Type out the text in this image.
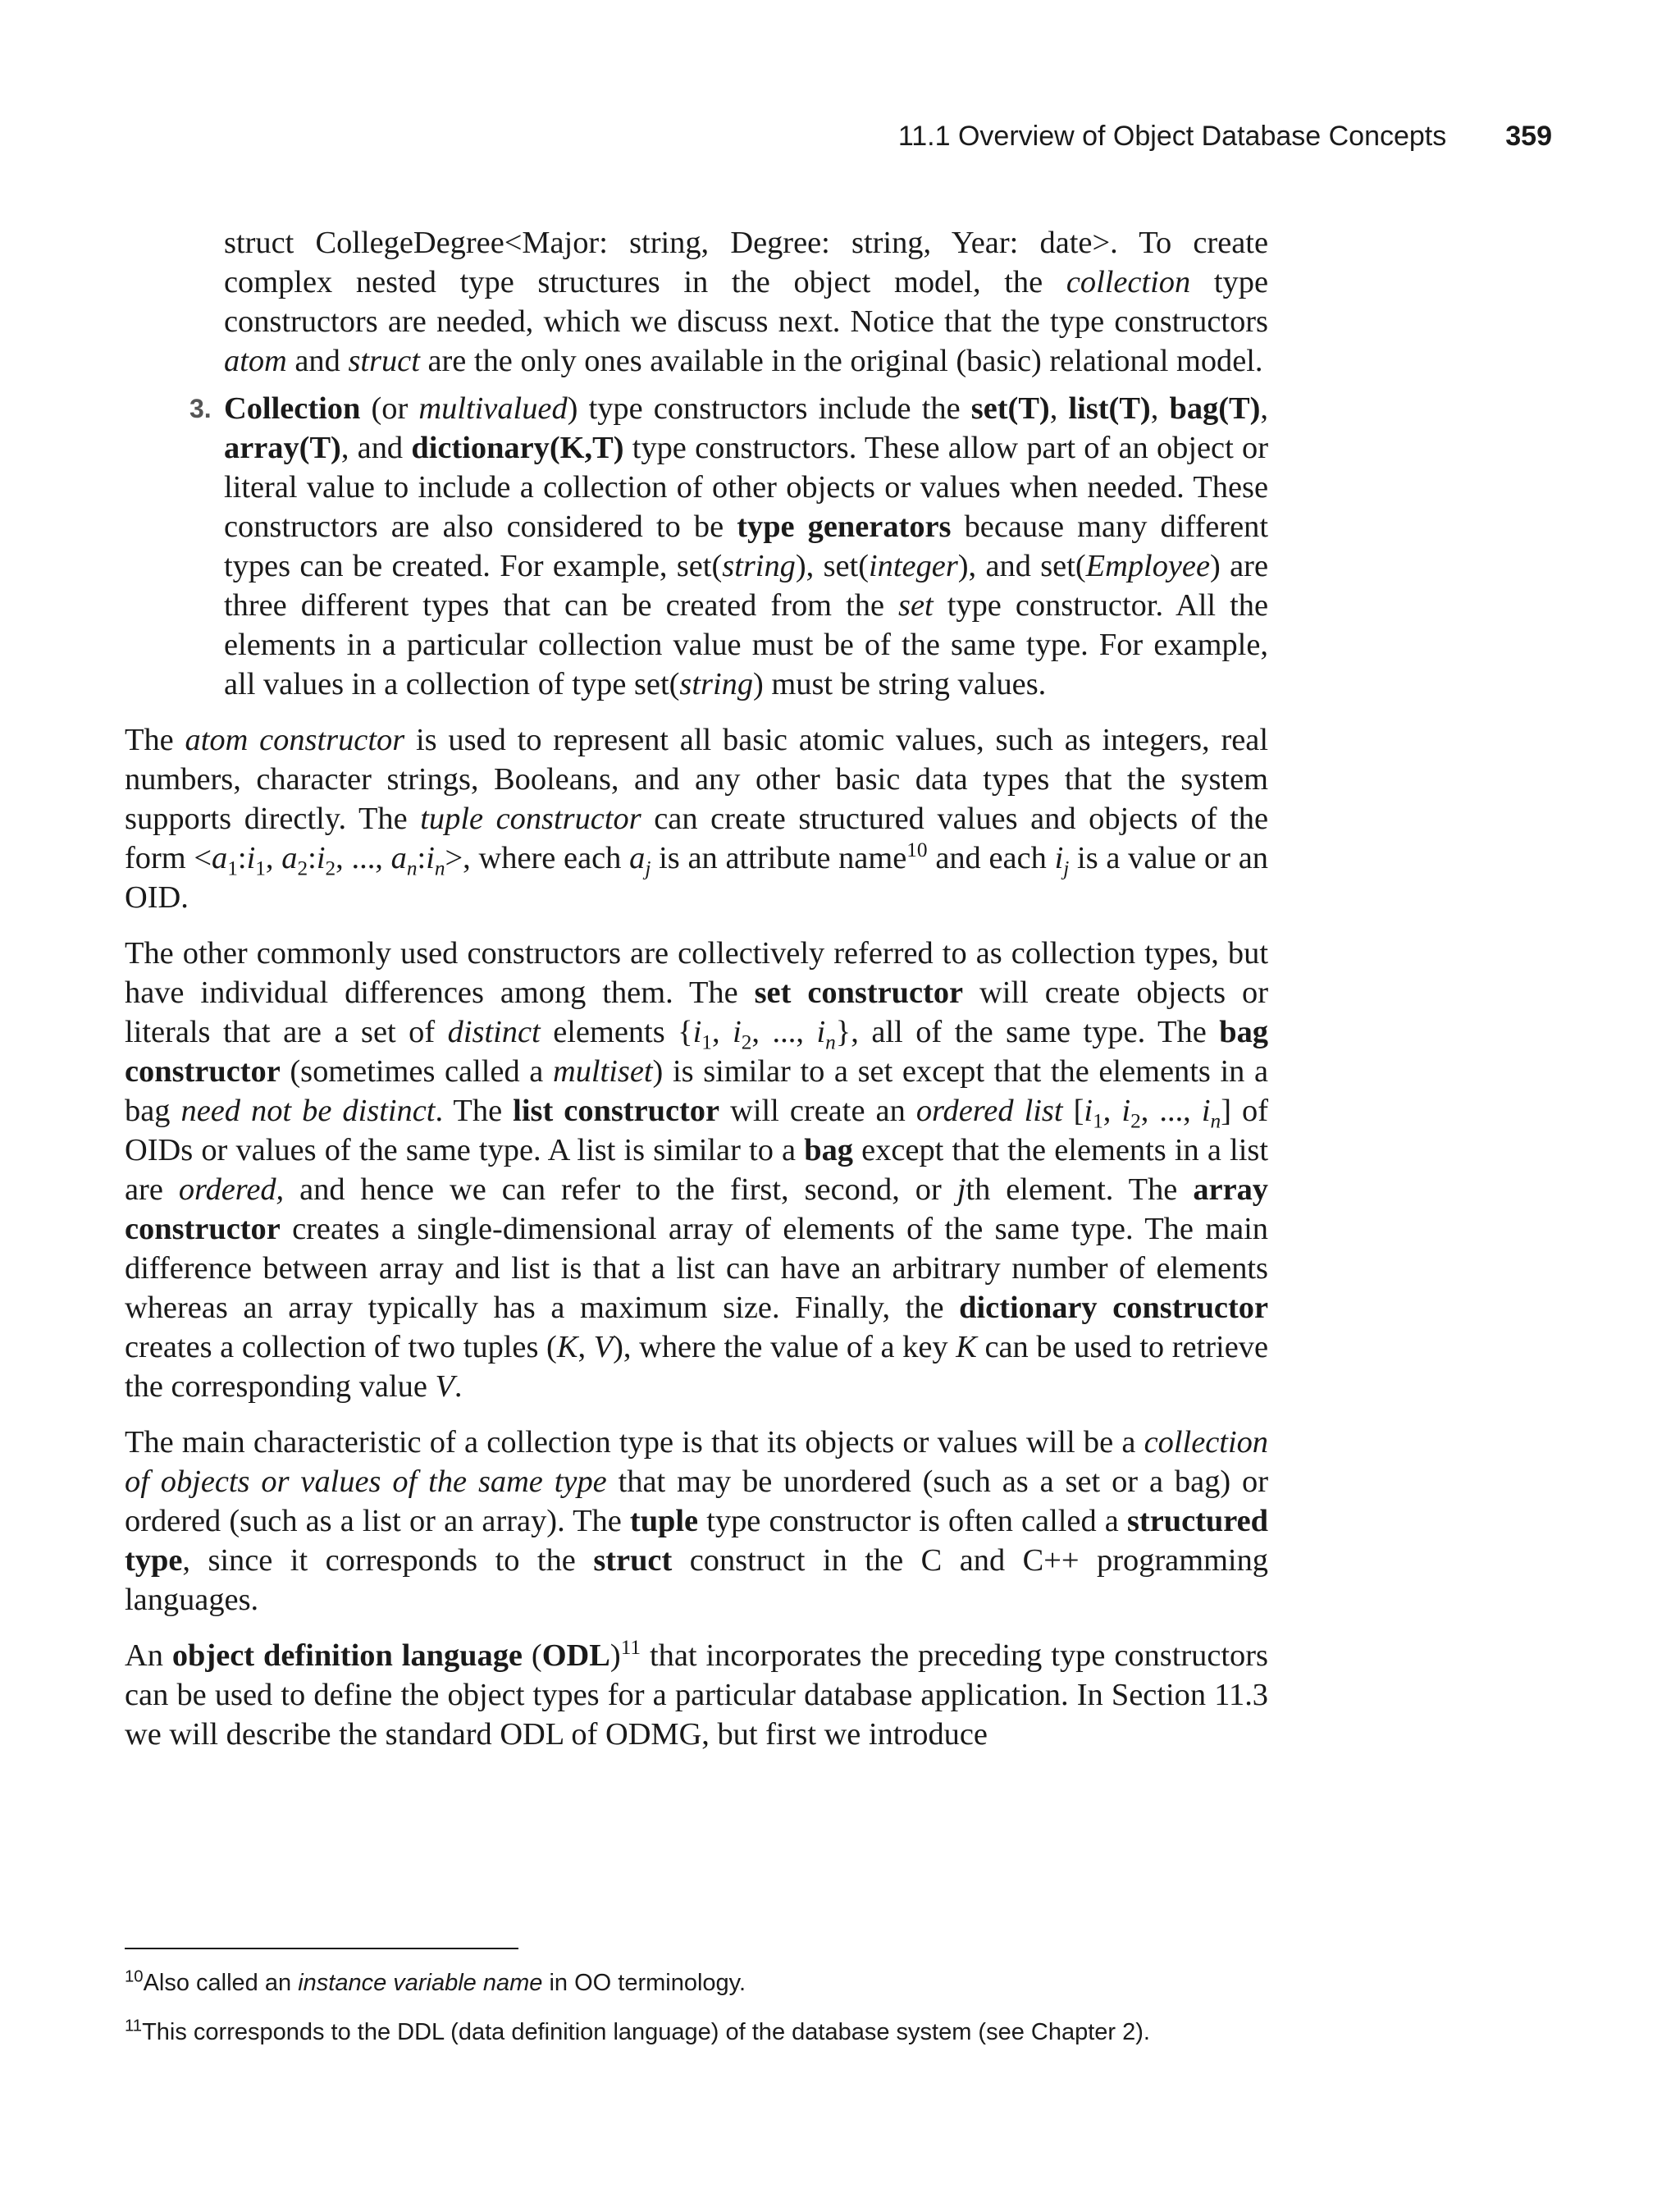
11.1 Overview of Object Database Concepts 359

struct CollegeDegree<Major: string, Degree: string, Year: date>. To create complex nested type structures in the object model, the collection type constructors are needed, which we discuss next. Notice that the type constructors atom and struct are the only ones available in the original (basic) relational model.

3. Collection (or multivalued) type constructors include the set(T), list(T), bag(T), array(T), and dictionary(K,T) type constructors. These allow part of an object or literal value to include a collection of other objects or values when needed. These constructors are also considered to be type generators because many different types can be created. For example, set(string), set(integer), and set(Employee) are three different types that can be created from the set type constructor. All the elements in a particular collection value must be of the same type. For example, all values in a collection of type set(string) must be string values.

The atom constructor is used to represent all basic atomic values, such as integers, real numbers, character strings, Booleans, and any other basic data types that the system supports directly. The tuple constructor can create structured values and objects of the form $<a_1:i_1$, $a_2:i_2$, ..., $a_n:i_n>$, where each $a_j$ is an attribute name$^{10}$ and each $i_j$ is a value or an OID.

The other commonly used constructors are collectively referred to as collection types, but have individual differences among them. The set constructor will create objects or literals that are a set of distinct elements {$i_1$, $i_2$, ..., $i_n$}, all of the same type. The bag constructor (sometimes called a multiset) is similar to a set except that the elements in a bag need not be distinct. The list constructor will create an ordered list [$i_1$, $i_2$, ..., $i_n$] of OIDs or values of the same type. A list is similar to a bag except that the elements in a list are ordered, and hence we can refer to the first, second, or jth element. The array constructor creates a single-dimensional array of elements of the same type. The main difference between array and list is that a list can have an arbitrary number of elements whereas an array typically has a maximum size. Finally, the dictionary constructor creates a collection of two tuples (K, V), where the value of a key K can be used to retrieve the corresponding value V.

The main characteristic of a collection type is that its objects or values will be a collection of objects or values of the same type that may be unordered (such as a set or a bag) or ordered (such as a list or an array). The tuple type constructor is often called a structured type, since it corresponds to the struct construct in the C and C++ programming languages.

An object definition language (ODL)$^{11}$ that incorporates the preceding type constructors can be used to define the object types for a particular database application. In Section 11.3 we will describe the standard ODL of ODMG, but first we introduce

$^{10}$Also called an instance variable name in OO terminology.

$^{11}$This corresponds to the DDL (data definition language) of the database system (see Chapter 2).
